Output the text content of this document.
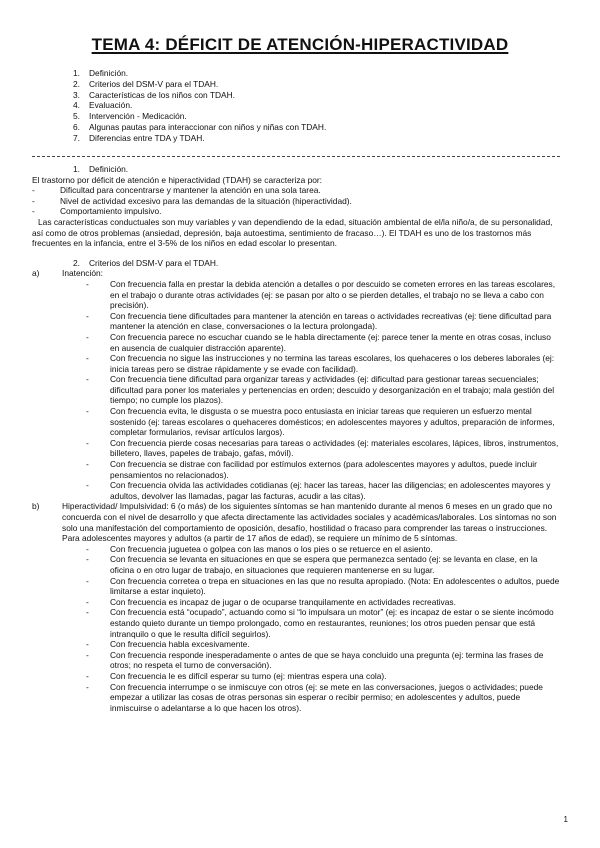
TEMA 4: DÉFICIT DE ATENCIÓN-HIPERACTIVIDAD
1. Definición.
2. Criterios del DSM-V para el TDAH.
3. Características de los niños con TDAH.
4. Evaluación.
5. Intervención - Medicación.
6. Algunas pautas para interaccionar con niños y niñas con TDAH.
7. Diferencias entre TDA y TDAH.
1. Definición.

El trastorno por déficit de atención e hiperactividad (TDAH) se caracteriza por:

-	Dificultad para concentrarse y mantener la atención en una sola tarea.
-	Nivel de actividad excesivo para las demandas de la situación (hiperactividad).
-	Comportamiento impulsivo.

Las características conductuales son muy variables y van dependiendo de la edad, situación ambiental de el/la niño/a, de su personalidad, así como de otros problemas (ansiedad, depresión, baja autoestima, sentimiento de fracaso…). El TDAH es uno de los trastornos más frecuentes en la infancia, entre el 3-5% de los niños en edad escolar lo presentan.

2. Criterios del DSM-V para el TDAH.
a)	Inatención:
-	Con frecuencia falla en prestar la debida atención a detalles o por descuido se cometen errores en las tareas escolares, en el trabajo o durante otras actividades (ej: se pasan por alto o se pierden detalles, el trabajo no se lleva a cabo con precisión).
-	Con frecuencia tiene dificultades para mantener la atención en tareas o actividades recreativas (ej: tiene dificultad para mantener la atención en clase, conversaciones o la lectura prolongada).
-	Con frecuencia parece no escuchar cuando se le habla directamente (ej: parece tener la mente en otras cosas, incluso en ausencia de cualquier distracción aparente).
-	Con frecuencia no sigue las instrucciones y no termina las tareas escolares, los quehaceres o los deberes laborales (ej: inicia tareas pero se distrae rápidamente y se evade con facilidad).
-	Con frecuencia tiene dificultad para organizar tareas y actividades (ej: dificultad para gestionar tareas secuenciales; dificultad para poner los materiales y pertenencias en orden; descuido y desorganización en el trabajo; mala gestión del tiempo; no cumple los plazos).
-	Con frecuencia evita, le disgusta o se muestra poco entusiasta en iniciar tareas que requieren un esfuerzo mental sostenido (ej: tareas escolares o quehaceres domésticos; en adolescentes mayores y adultos, preparación de informes, completar formularios, revisar artículos largos).
-	Con frecuencia pierde cosas necesarias para tareas o actividades (ej: materiales escolares, lápices, libros, instrumentos, billetero, llaves, papeles de trabajo, gafas, móvil).
-	Con frecuencia se distrae con facilidad por estímulos externos (para adolescentes mayores y adultos, puede incluir pensamientos no relacionados).
-	Con frecuencia olvida las actividades cotidianas (ej: hacer las tareas, hacer las diligencias; en adolescentes mayores y adultos, devolver las llamadas, pagar las facturas, acudir a las citas).
b)	Hiperactividad/ Impulsividad: 6 (o más) de los siguientes síntomas se han mantenido durante al menos 6 meses en un grado que no concuerda con el nivel de desarrollo y que afecta directamente las actividades sociales y académicas/laborales. Los síntomas no son solo una manifestación del comportamiento de oposición, desafío, hostilidad o fracaso para comprender las tareas o instrucciones. Para adolescentes mayores y adultos (a partir de 17 años de edad), se requiere un mínimo de 5 síntomas.
-	Con frecuencia juguetea o golpea con las manos o los pies o se retuerce en el asiento.
-	Con frecuencia se levanta en situaciones en que se espera que permanezca sentado (ej: se levanta en clase, en la oficina o en otro lugar de trabajo, en situaciones que requieren mantenerse en su lugar.
-	Con frecuencia corretea o trepa en situaciones en las que no resulta apropiado. (Nota: En adolescentes o adultos, puede limitarse a estar inquieto).
-	Con frecuencia es incapaz de jugar o de ocuparse tranquilamente en actividades recreativas.
-	Con frecuencia está “ocupado”, actuando como si “lo impulsara un motor” (ej: es incapaz de estar o se siente incómodo estando quieto durante un tiempo prolongado, como en restaurantes, reuniones; los otros pueden pensar que está intranquilo o que le resulta difícil seguirlos).
-	Con frecuencia habla excesivamente.
-	Con frecuencia responde inesperadamente o antes de que se haya concluido una pregunta (ej: termina las frases de otros; no respeta el turno de conversación).
-	Con frecuencia le es difícil esperar su turno (ej: mientras espera una cola).
-	Con frecuencia interrumpe o se inmiscuye con otros (ej: se mete en las conversaciones, juegos o actividades; puede empezar a utilizar las cosas de otras personas sin esperar o recibir permiso; en adolescentes y adultos, puede inmiscuirse o adelantarse a lo que hacen los otros).
1
